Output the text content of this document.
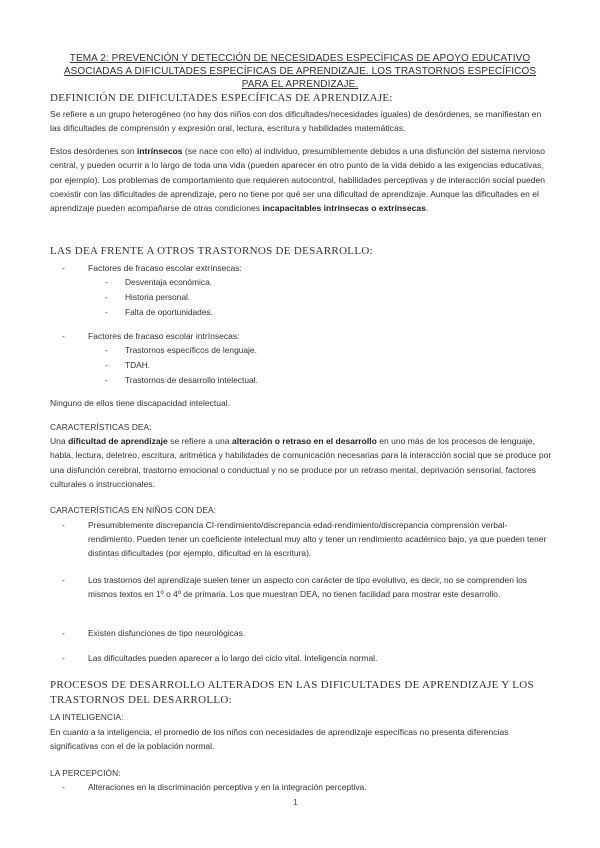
TEMA 2: PREVENCIÓN Y DETECCIÓN DE NECESIDADES ESPECÍFICAS DE APOYO EDUCATIVO ASOCIADAS A DIFICULTADES ESPECÍFICAS DE APRENDIZAJE. LOS TRASTORNOS ESPECÍFICOS PARA EL APRENDIZAJE.
DEFINICIÓN DE DIFICULTADES ESPECÍFICAS DE APRENDIZAJE:
Se refiere a un grupo heterogéneo (no hay dos niños con dos dificultades/necesidades iguales) de desórdenes, se manifiestan en las dificultades de comprensión y expresión oral, lectura, escritura y habilidades matemáticas.
Estos desórdenes son intrínsecos (se nace con ello) al individuo, presumiblemente debidos a una disfunción del sistema nervioso central, y pueden ocurrir a lo largo de toda una vida (pueden aparecer en otro punto de la vida debido a las exigencias educativas, por ejemplo). Los problemas de comportamiento que requieren autocontrol, habilidades perceptivas y de interacción social pueden coexistir con las dificultades de aprendizaje, pero no tiene por qué ser una dificultad de aprendizaje. Aunque las dificultades en el aprendizaje pueden acompañarse de otras condiciones incapacitables intrínsecas o extrínsecas.
LAS DEA FRENTE A OTROS TRASTORNOS DE DESARROLLO:
-	Factores de fracaso escolar extrínsecas:
- Desventaja económica.
- Historia personal.
- Falta de oportunidades.
-	Factores de fracaso escolar intrínsecas:
- Trastornos específicos de lenguaje.
- TDAH.
- Trastornos de desarrollo intelectual.
Ninguno de ellos tiene discapacidad intelectual.
CARACTERÍSTICAS DEA:
Una dificultad de aprendizaje se refiere a una alteración o retraso en el desarrollo en uno más de los procesos de lenguaje, habla, lectura, deletreo, escritura, aritmética y habilidades de comunicación necesarias para la interacción social que se produce por una disfunción cerebral, trastorno emocional o conductual y no se produce por un retraso mental, deprivación sensorial, factores culturales o instruccionales.
CARACTERÍSTICAS EN NIÑOS CON DEA:
-	Presumiblemente discrepancia CI-rendimiento/discrepancia edad-rendimiento/discrepancia comprensión verbal-rendimiento. Pueden tener un coeficiente intelectual muy alto y tener un rendimiento académico bajo, ya que pueden tener distintas dificultades (por ejemplo, dificultad en la escritura).
-	Los trastornos del aprendizaje suelen tener un aspecto con carácter de tipo evolutivo, es decir, no se comprenden los mismos textos en 1º o 4º de primaria. Los que muestran DEA, no tienen facilidad para mostrar este desarrollo.
-	Existen disfunciones de tipo neurológicas.
-	Las dificultades pueden aparecer a lo largo del ciclo vital. Inteligencia normal.
PROCESOS DE DESARROLLO ALTERADOS EN LAS DIFICULTADES DE APRENDIZAJE Y LOS TRASTORNOS DEL DESARROLLO:
LA INTELIGENCIA:
En cuanto a la inteligencia, el promedio de los niños con necesidades de aprendizaje específicas no presenta diferencias significativas con el de la población normal.
LA PERCEPCIÓN:
-	Alteraciones en la discriminación perceptiva y en la integración perceptiva.
1
